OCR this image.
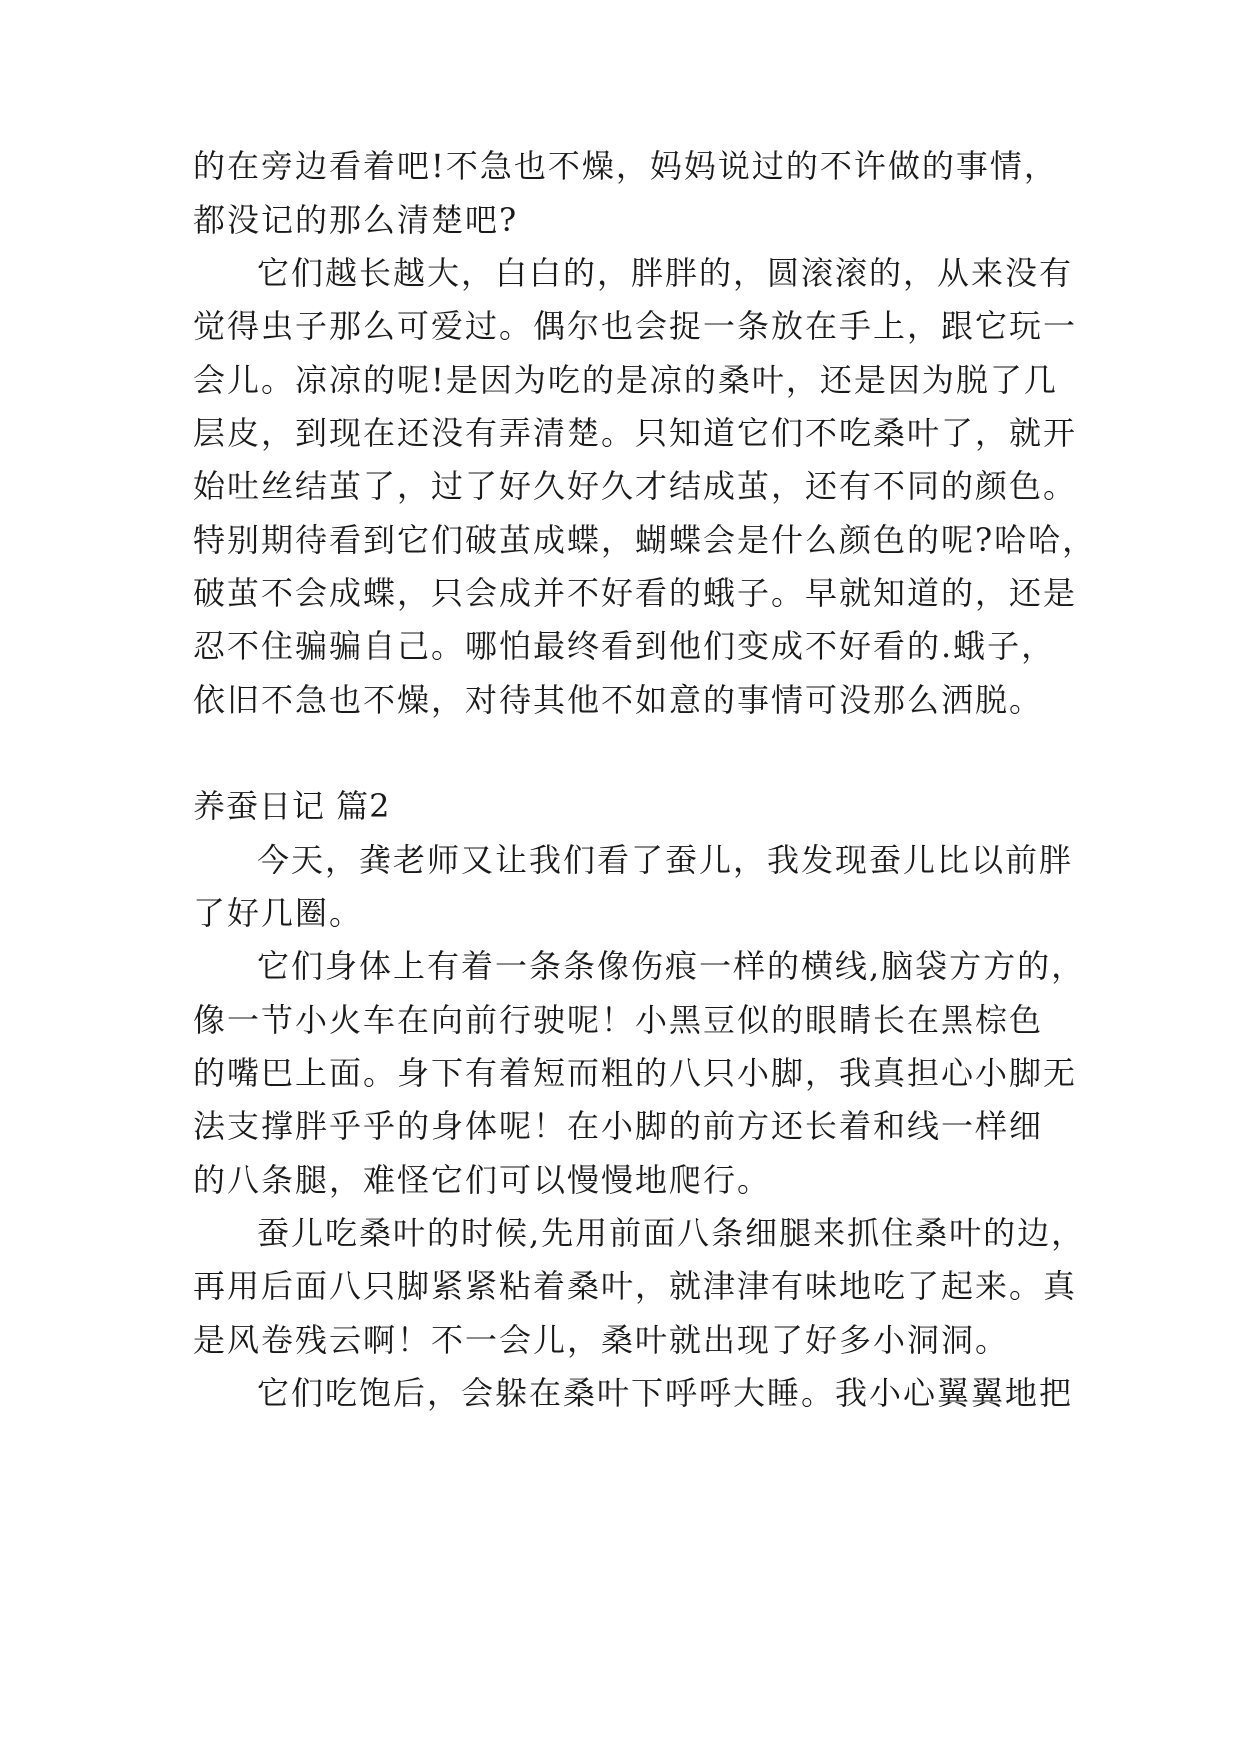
的在旁边看着吧!不急也不燥，妈妈说过的不许做的事情，
都没记的那么清楚吧?
它们越长越大，白白的，胖胖的，圆滚滚的，从来没有
觉得虫子那么可爱过。偶尔也会捉一条放在手上，跟它玩一
会儿。凉凉的呢!是因为吃的是凉的桑叶，还是因为脱了几
层皮，到现在还没有弄清楚。只知道它们不吃桑叶了，就开
始吐丝结茧了，过了好久好久才结成茧，还有不同的颜色。
特别期待看到它们破茧成蝶，蝴蝶会是什么颜色的呢?哈哈，
破茧不会成蝶，只会成并不好看的蛾子。早就知道的，还是
忍不住骗骗自己。哪怕最终看到他们变成不好看的.蛾子，
依旧不急也不燥，对待其他不如意的事情可没那么洒脱。
养蚕日记 篇2
今天，龚老师又让我们看了蚕儿，我发现蚕儿比以前胖
了好几圈。
它们身体上有着一条条像伤痕一样的横线,脑袋方方的，
像一节小火车在向前行驶呢！小黑豆似的眼睛长在黑棕色
的嘴巴上面。身下有着短而粗的八只小脚，我真担心小脚无
法支撑胖乎乎的身体呢！在小脚的前方还长着和线一样细
的八条腿，难怪它们可以慢慢地爬行。
蚕儿吃桑叶的时候,先用前面八条细腿来抓住桑叶的边，
再用后面八只脚紧紧粘着桑叶，就津津有味地吃了起来。真
是风卷残云啊！不一会儿，桑叶就出现了好多小洞洞。
它们吃饱后，会躲在桑叶下呼呼大睡。我小心翼翼地把
